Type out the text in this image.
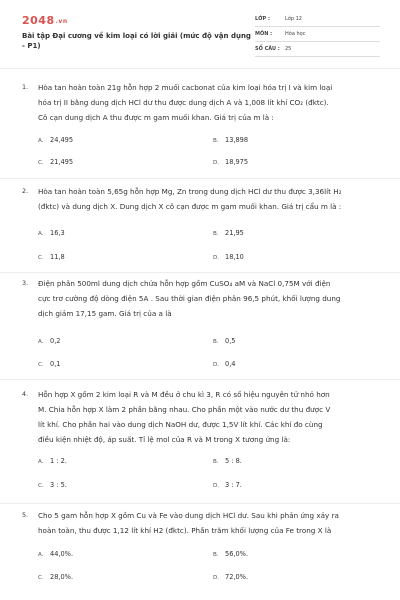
2048.vn
Bài tập Đại cương về kim loại có lời giải (mức độ vận dụng - P1)
LỚP :	Lớp 12
MÔN :	Hóa học
SỐ CÂU : 25
1. Hòa tan hoàn toàn 21g hỗn hợp 2 muối cacbonat của kim loại hóa trị I và kim loại
hóa trị II bằng dung dịch HCl dư thu được dung dịch A và 1,008 lít khí CO₂ (đktc).
Cô cạn dung dịch A thu được m gam muối khan. Giá trị của m là :
A. 24,495	B. 13,898
C. 21,495	D. 18,975
2. Hòa tan hoàn toàn 5,65g hỗn hợp Mg, Zn trong dung dịch HCl dư thu được 3,36lít H₂
(đktc) và dung dịch X. Dung dịch X cô cạn được m gam muối khan. Giá trị cẩu m là :
A. 16,3	B. 21,95
C. 11,8	D. 18,10
3. Điện phân 500ml dung dịch chứa hỗn hợp gồm CuSO₄ aM và NaCl 0,75M với điện
cực trơ cường độ dòng điện 5A . Sau thời gian điện phân 96,5 phút, khối lượng dung
dịch giảm 17,15 gam. Giá trị của a là
A. 0,2	B. 0,5
C. 0,1	D. 0,4
4. Hỗn hợp X gồm 2 kim loại R và M đều ở chu kì 3, R có số hiệu nguyên tử nhỏ hơn
M. Chia hỗn hợp X làm 2 phần bằng nhau. Cho phần một vào nước dư thu được V
lít khí. Cho phần hai vào dung dịch NaOH dư, được 1,5V lít khí. Các khí đo cùng
điều kiện nhiệt độ, áp suất. Tỉ lệ mol của R và M trong X tương ứng là:
A. 1 : 2.	B. 5 : 8.
C. 3 : 5.	D. 3 : 7.
5. Cho 5 gam hỗn hợp X gồm Cu và Fe vào dung dịch HCl dư. Sau khi phản ứng xảy ra
hoàn toàn, thu được 1,12 lít khí H2 (đktc). Phần trăm khối lượng của Fe trong X là
A. 44,0%.	B. 56,0%.
C. 28,0%.	D. 72,0%.
